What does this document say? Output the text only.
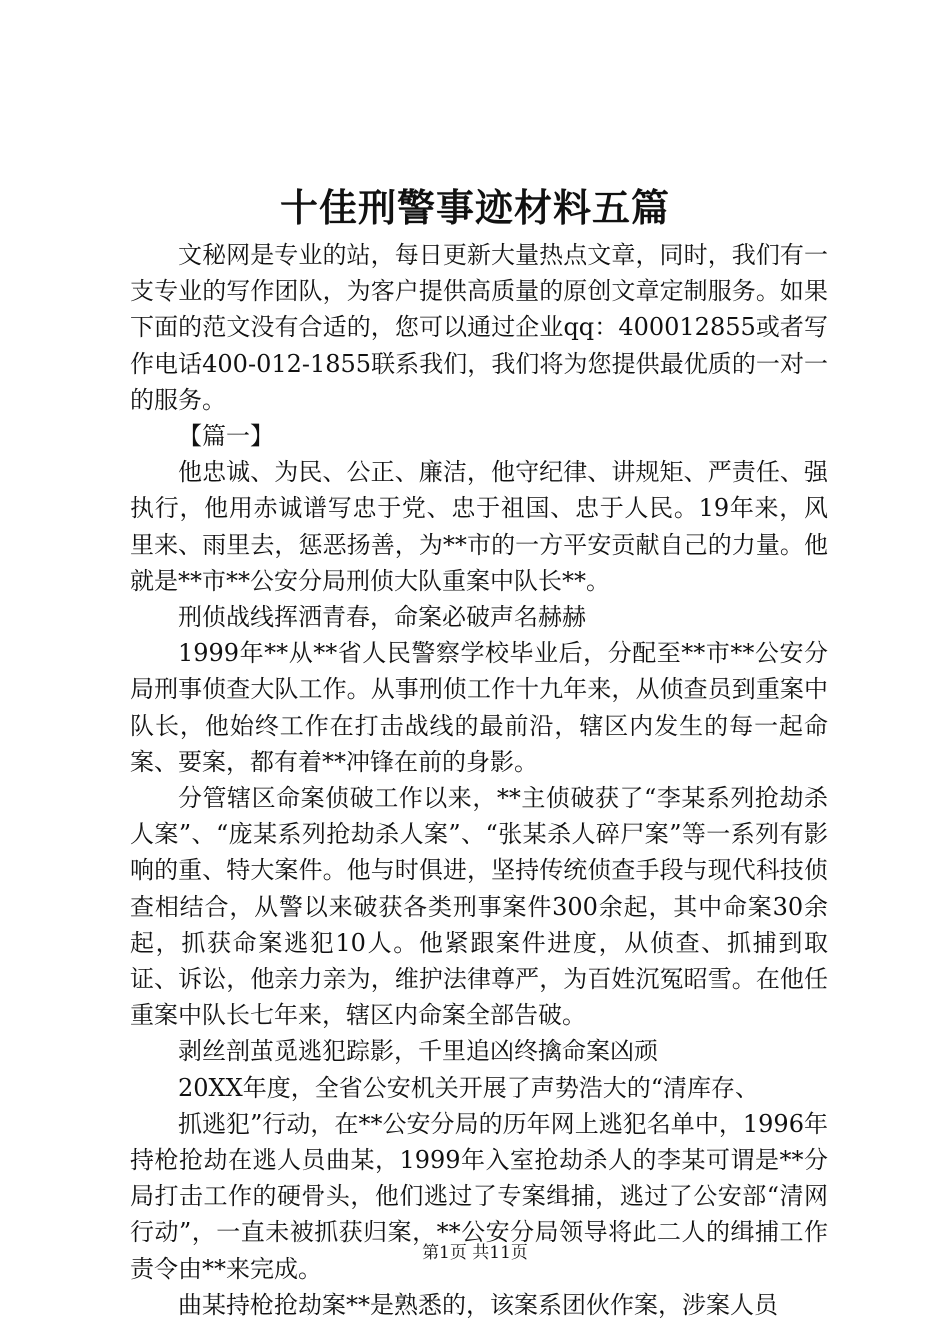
十佳刑警事迹材料五篇

文秘网是专业的站，每日更新大量热点文章，同时，我们有一支专业的写作团队，为客户提供高质量的原创文章定制服务。如果下面的范文没有合适的，您可以通过企业qq：400012855或者写作电话400-012-1855联系我们，我们将为您提供最优质的一对一的服务。

【篇一】

他忠诚、为民、公正、廉洁，他守纪律、讲规矩、严责任、强执行，他用赤诚谱写忠于党、忠于祖国、忠于人民。19年来，风里来、雨里去，惩恶扬善，为**市的一方平安贡献自己的力量。他就是**市**公安分局刑侦大队重案中队长**。

刑侦战线挥洒青春，命案必破声名赫赫

1999年**从**省人民警察学校毕业后，分配至**市**公安分局刑事侦查大队工作。从事刑侦工作十九年来，从侦查员到重案中队长，他始终工作在打击战线的最前沿，辖区内发生的每一起命案、要案，都有着**冲锋在前的身影。

分管辖区命案侦破工作以来，**主侦破获了“李某系列抢劫杀人案”、“庞某系列抢劫杀人案”、“张某杀人碎尸案”等一系列有影响的重、特大案件。他与时俱进，坚持传统侦查手段与现代科技侦查相结合，从警以来破获各类刑事案件300余起，其中命案30余起，抓获命案逃犯10人。他紧跟案件进度，从侦查、抓捕到取证、诉讼，他亲力亲为，维护法律尊严，为百姓沉冤昭雪。在他任重案中队长七年来，辖区内命案全部告破。

剥丝剖茧觅逃犯踪影，千里追凶终擒命案凶顽

20XX年度，全省公安机关开展了声势浩大的“清库存、

抓逃犯”行动，在**公安分局的历年网上逃犯名单中，1996年持枪抢劫在逃人员曲某，1999年入室抢劫杀人的李某可谓是**分局打击工作的硬骨头，他们逃过了专案缉捕，逃过了公安部“清网行动”，一直未被抓获归案，**公安分局领导将此二人的缉捕工作责令由**来完成。

曲某持枪抢劫案**是熟悉的，该案系团伙作案，涉案人员

第1页 共11页
